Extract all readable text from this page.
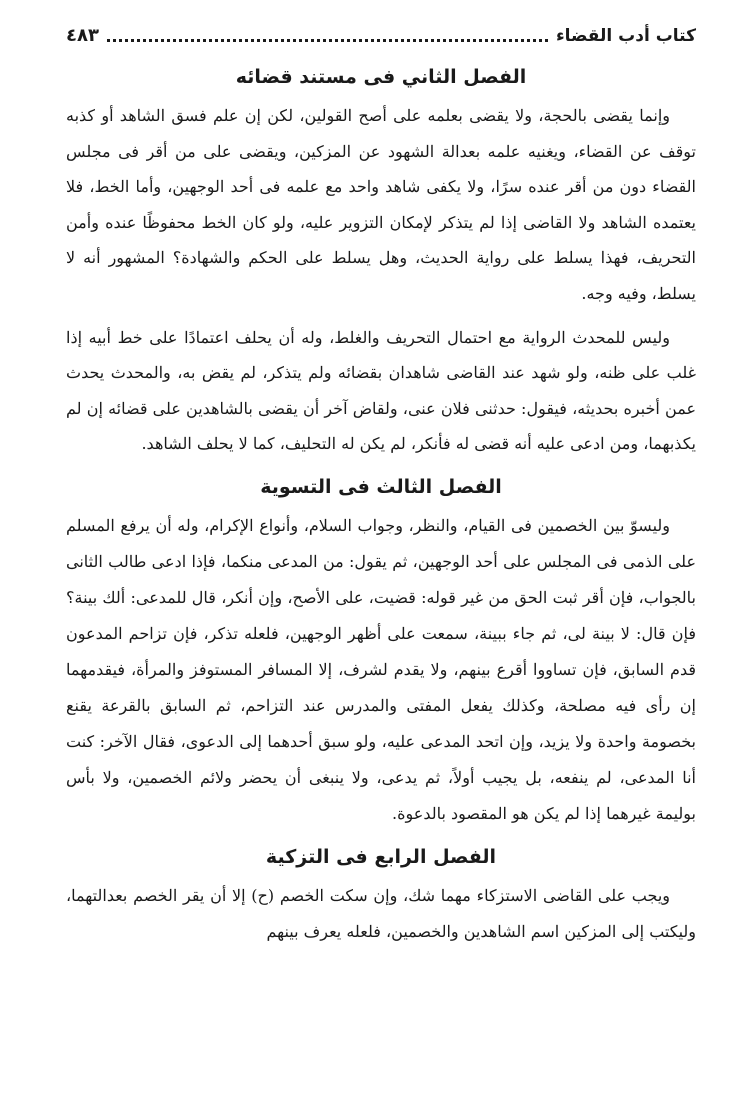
كتاب أدب القضاء
٤٨٣
الفصل الثاني فى مستند قضائه

وإنما يقضى بالحجة، ولا يقضى بعلمه على أصح القولين، لكن إن علم فسق الشاهد أو كذبه توقف عن القضاء، ويغنيه علمه بعدالة الشهود عن المزكين، ويقضى على من أقر فى مجلس القضاء دون من أقر عنده سرًا، ولا يكفى شاهد واحد مع علمه فى أحد الوجهين، وأما الخط، فلا يعتمده الشاهد ولا القاضى إذا لم يتذكر لإمكان التزوير عليه، ولو كان الخط محفوظًا عنده وأمن التحريف، فهذا يسلط على رواية الحديث، وهل يسلط على الحكم والشهادة؟ المشهور أنه لا يسلط، وفيه وجه.

وليس للمحدث الرواية مع احتمال التحريف والغلط، وله أن يحلف اعتمادًا على خط أبيه إذا غلب على ظنه، ولو شهد عند القاضى شاهدان بقضائه ولم يتذكر، لم يقض به، والمحدث يحدث عمن أخبره بحديثه، فيقول: حدثنى فلان عنى، ولقاض آخر أن يقضى بالشاهدين على قضائه إن لم يكذبهما، ومن ادعى عليه أنه قضى له فأنكر، لم يكن له التحليف، كما لا يحلف الشاهد.

الفصل الثالث فى التسوية

وليسوّ بين الخصمين فى القيام، والنظر، وجواب السلام، وأنواع الإكرام، وله أن يرفع المسلم على الذمى فى المجلس على أحد الوجهين، ثم يقول: من المدعى منكما، فإذا ادعى طالب الثانى بالجواب، فإن أقر ثبت الحق من غير قوله: قضيت، على الأصح، وإن أنكر، قال للمدعى: ألك بينة؟ فإن قال: لا بينة لى، ثم جاء ببينة، سمعت على أظهر الوجهين، فلعله تذكر، فإن تزاحم المدعون قدم السابق، فإن تساووا أقرع بينهم، ولا يقدم لشرف، إلا المسافر المستوفز والمرأة، فيقدمهما إن رأى فيه مصلحة، وكذلك يفعل المفتى والمدرس عند التزاحم، ثم السابق بالقرعة يقنع بخصومة واحدة ولا يزيد، وإن اتحد المدعى عليه، ولو سبق أحدهما إلى الدعوى، فقال الآخر: كنت أنا المدعى، لم ينفعه، بل يجيب أولاً، ثم يدعى، ولا ينبغى أن يحضر ولائم الخصمين، ولا بأس بوليمة غيرهما إذا لم يكن هو المقصود بالدعوة.

الفصل الرابع فى التزكية

ويجب على القاضى الاستزكاء مهما شك، وإن سكت الخصم (ح) إلا أن يقر الخصم بعدالتهما، وليكتب إلى المزكين اسم الشاهدين والخصمين، فلعله يعرف بينهم
